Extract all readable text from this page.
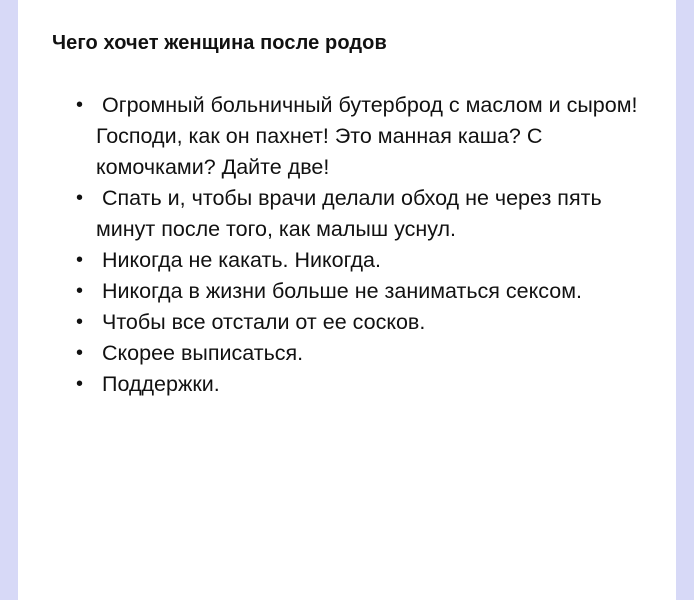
Чего хочет женщина после родов
• Огромный больничный бутерброд с маслом и сыром! Господи, как он пахнет! Это манная каша? С комочками? Дайте две!
• Спать и, чтобы врачи делали обход не через пять минут после того, как малыш уснул.
• Никогда не какать. Никогда.
• Никогда в жизни больше не заниматься сексом.
• Чтобы все отстали от ее сосков.
• Скорее выписаться.
• Поддержки.
